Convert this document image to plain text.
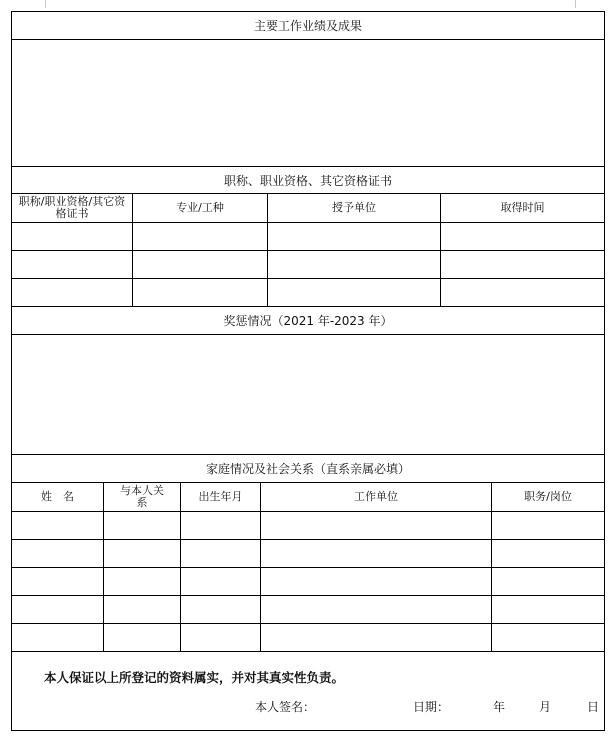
主要工作业绩及成果
职称、职业资格、其它资格证书
职称/职业资格/其它资格证书	专业/工种	授予单位	取得时间
奖惩情况（2021 年-2023 年）
家庭情况及社会关系（直系亲属必填）
姓　名	与本人关系	出生年月	工作单位	职务/岗位
本人保证以上所登记的资料属实，并对其真实性负责。
本人签名：	日期：	年	月	日
